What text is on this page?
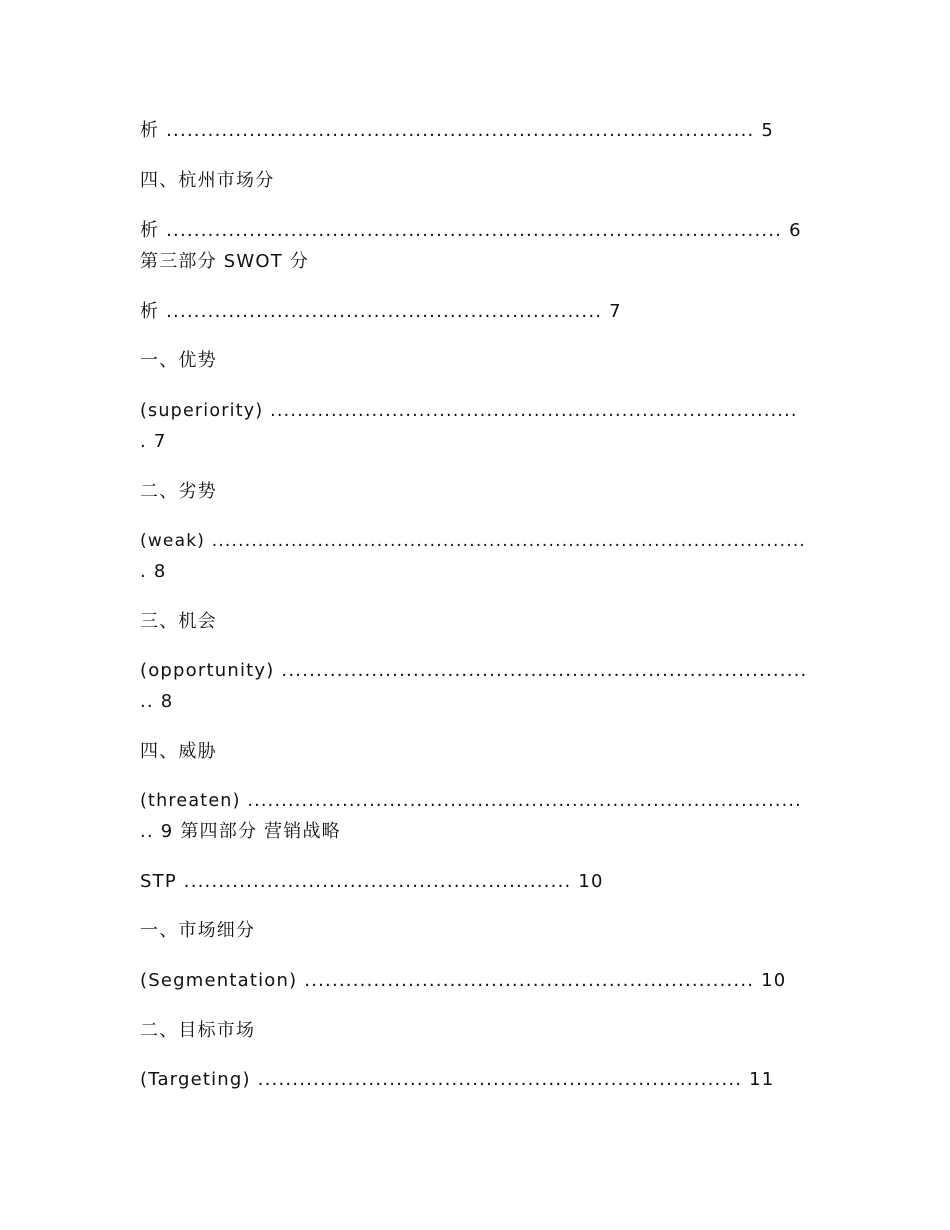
析 ..................................................................................... 5

四、杭州市场分

析 ......................................................................................... 6

第三部分 SWOT 分

析 ............................................................... 7

一、优势

(superiority) ..............................................................................

. 7

二、劣势

(weak) ..........................................................................................

. 8

三、机会

(opportunity) ............................................................................

.. 8

四、威胁

(threaten) ..................................................................................

.. 9 第四部分 营销战略

STP ........................................................ 10

一、市场细分

(Segmentation) ................................................................. 10

二、目标市场

(Targeting) ...................................................................... 11
